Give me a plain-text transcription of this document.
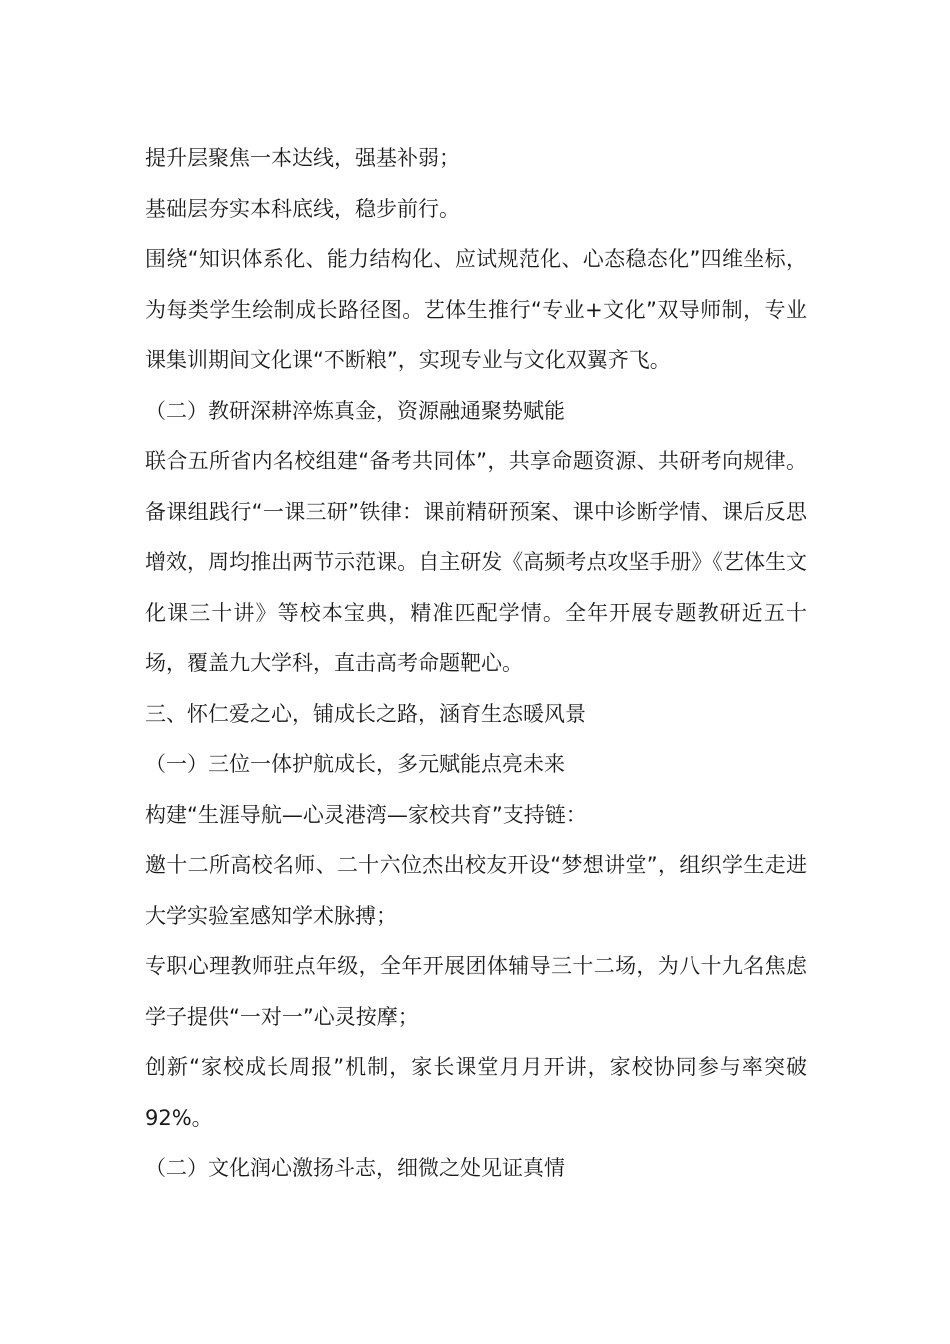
提升层聚焦一本达线，强基补弱；

基础层夯实本科底线，稳步前行。

围绕“知识体系化、能力结构化、应试规范化、心态稳态化”四维坐标，为每类学生绘制成长路径图。艺体生推行“专业+文化”双导师制，专业课集训期间文化课“不断粮”，实现专业与文化双翼齐飞。

（二）教研深耕淬炼真金，资源融通聚势赋能

联合五所省内名校组建“备考共同体”，共享命题资源、共研考向规律。备课组践行“一课三研”铁律：课前精研预案、课中诊断学情、课后反思增效，周均推出两节示范课。自主研发《高频考点攻坚手册》《艺体生文化课三十讲》等校本宝典，精准匹配学情。全年开展专题教研近五十场，覆盖九大学科，直击高考命题靶心。

三、怀仁爱之心，铺成长之路，涵育生态暖风景

（一）三位一体护航成长，多元赋能点亮未来

构建“生涯导航—心灵港湾—家校共育”支持链：

邀十二所高校名师、二十六位杰出校友开设“梦想讲堂”，组织学生走进大学实验室感知学术脉搏；

专职心理教师驻点年级，全年开展团体辅导三十二场，为八十九名焦虑学子提供“一对一”心灵按摩；

创新“家校成长周报”机制，家长课堂月月开讲，家校协同参与率突破92%。

（二）文化润心激扬斗志，细微之处见证真情
